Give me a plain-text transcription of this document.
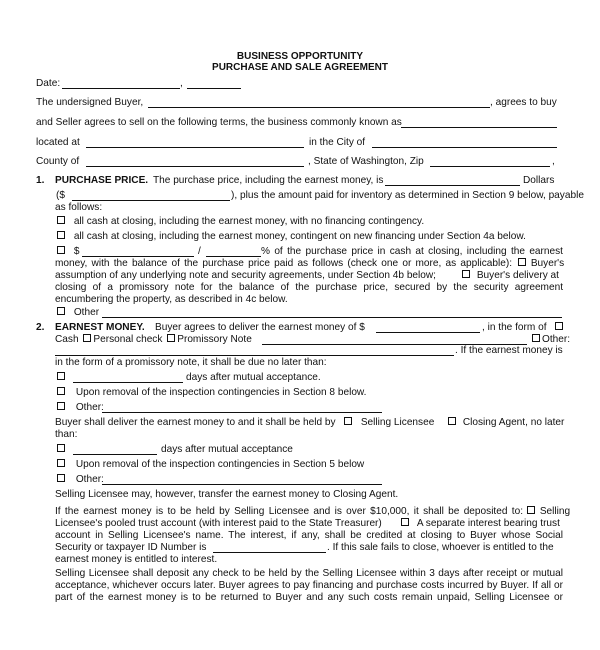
BUSINESS OPPORTUNITY
PURCHASE AND SALE AGREEMENT
Date:	,
The undersigned Buyer,	, agrees to buy
and Seller agrees to sell on the following terms, the business commonly known as
located at	in the City of
County of	, State of Washington, Zip	,
1. PURCHASE PRICE. The purchase price, including the earnest money, is	Dollars
($	), plus the amount paid for inventory as determined in Section 9 below, payable
as follows:
all cash at closing, including the earnest money, with no financing contingency.
all cash at closing, including the earnest money, contingent on new financing under Section 4a below.
$	/	% of the purchase price in cash at closing, including the earnest
money, with the balance of the purchase price paid as follows (check one or more, as applicable):	Buyer's
assumption of any underlying note and security agreements, under Section 4b below;	Buyer's delivery at
closing of a promissory note for the balance of the purchase price, secured by the security agreement
encumbering the property, as described in 4c below.
Other
2. EARNEST MONEY. Buyer agrees to deliver the earnest money of $	, in the form of
Cash Personal check Promissory Note	Other:
. If the earnest money is
in the form of a promissory note, it shall be due no later than:
days after mutual acceptance.
Upon removal of the inspection contingencies in Section 8 below.
Other:
Buyer shall deliver the earnest money to and it shall be held by	Selling Licensee	Closing Agent, no later
than:
days after mutual acceptance
Upon removal of the inspection contingencies in Section 5 below
Other:
Selling Licensee may, however, transfer the earnest money to Closing Agent.
If the earnest money is to be held by Selling Licensee and is over $10,000, it shall be deposited to:	Selling
Licensee's pooled trust account (with interest paid to the State Treasurer)	A separate interest bearing trust
account in Selling Licensee's name. The interest, if any, shall be credited at closing to Buyer whose Social
Security or taxpayer ID Number is	. If this sale fails to close, whoever is entitled to the
earnest money is entitled to interest.
Selling Licensee shall deposit any check to be held by the Selling Licensee within 3 days after receipt or mutual
acceptance, whichever occurs later. Buyer agrees to pay financing and purchase costs incurred by Buyer. If all or
part of the earnest money is to be returned to Buyer and any such costs remain unpaid, Selling Licensee or
